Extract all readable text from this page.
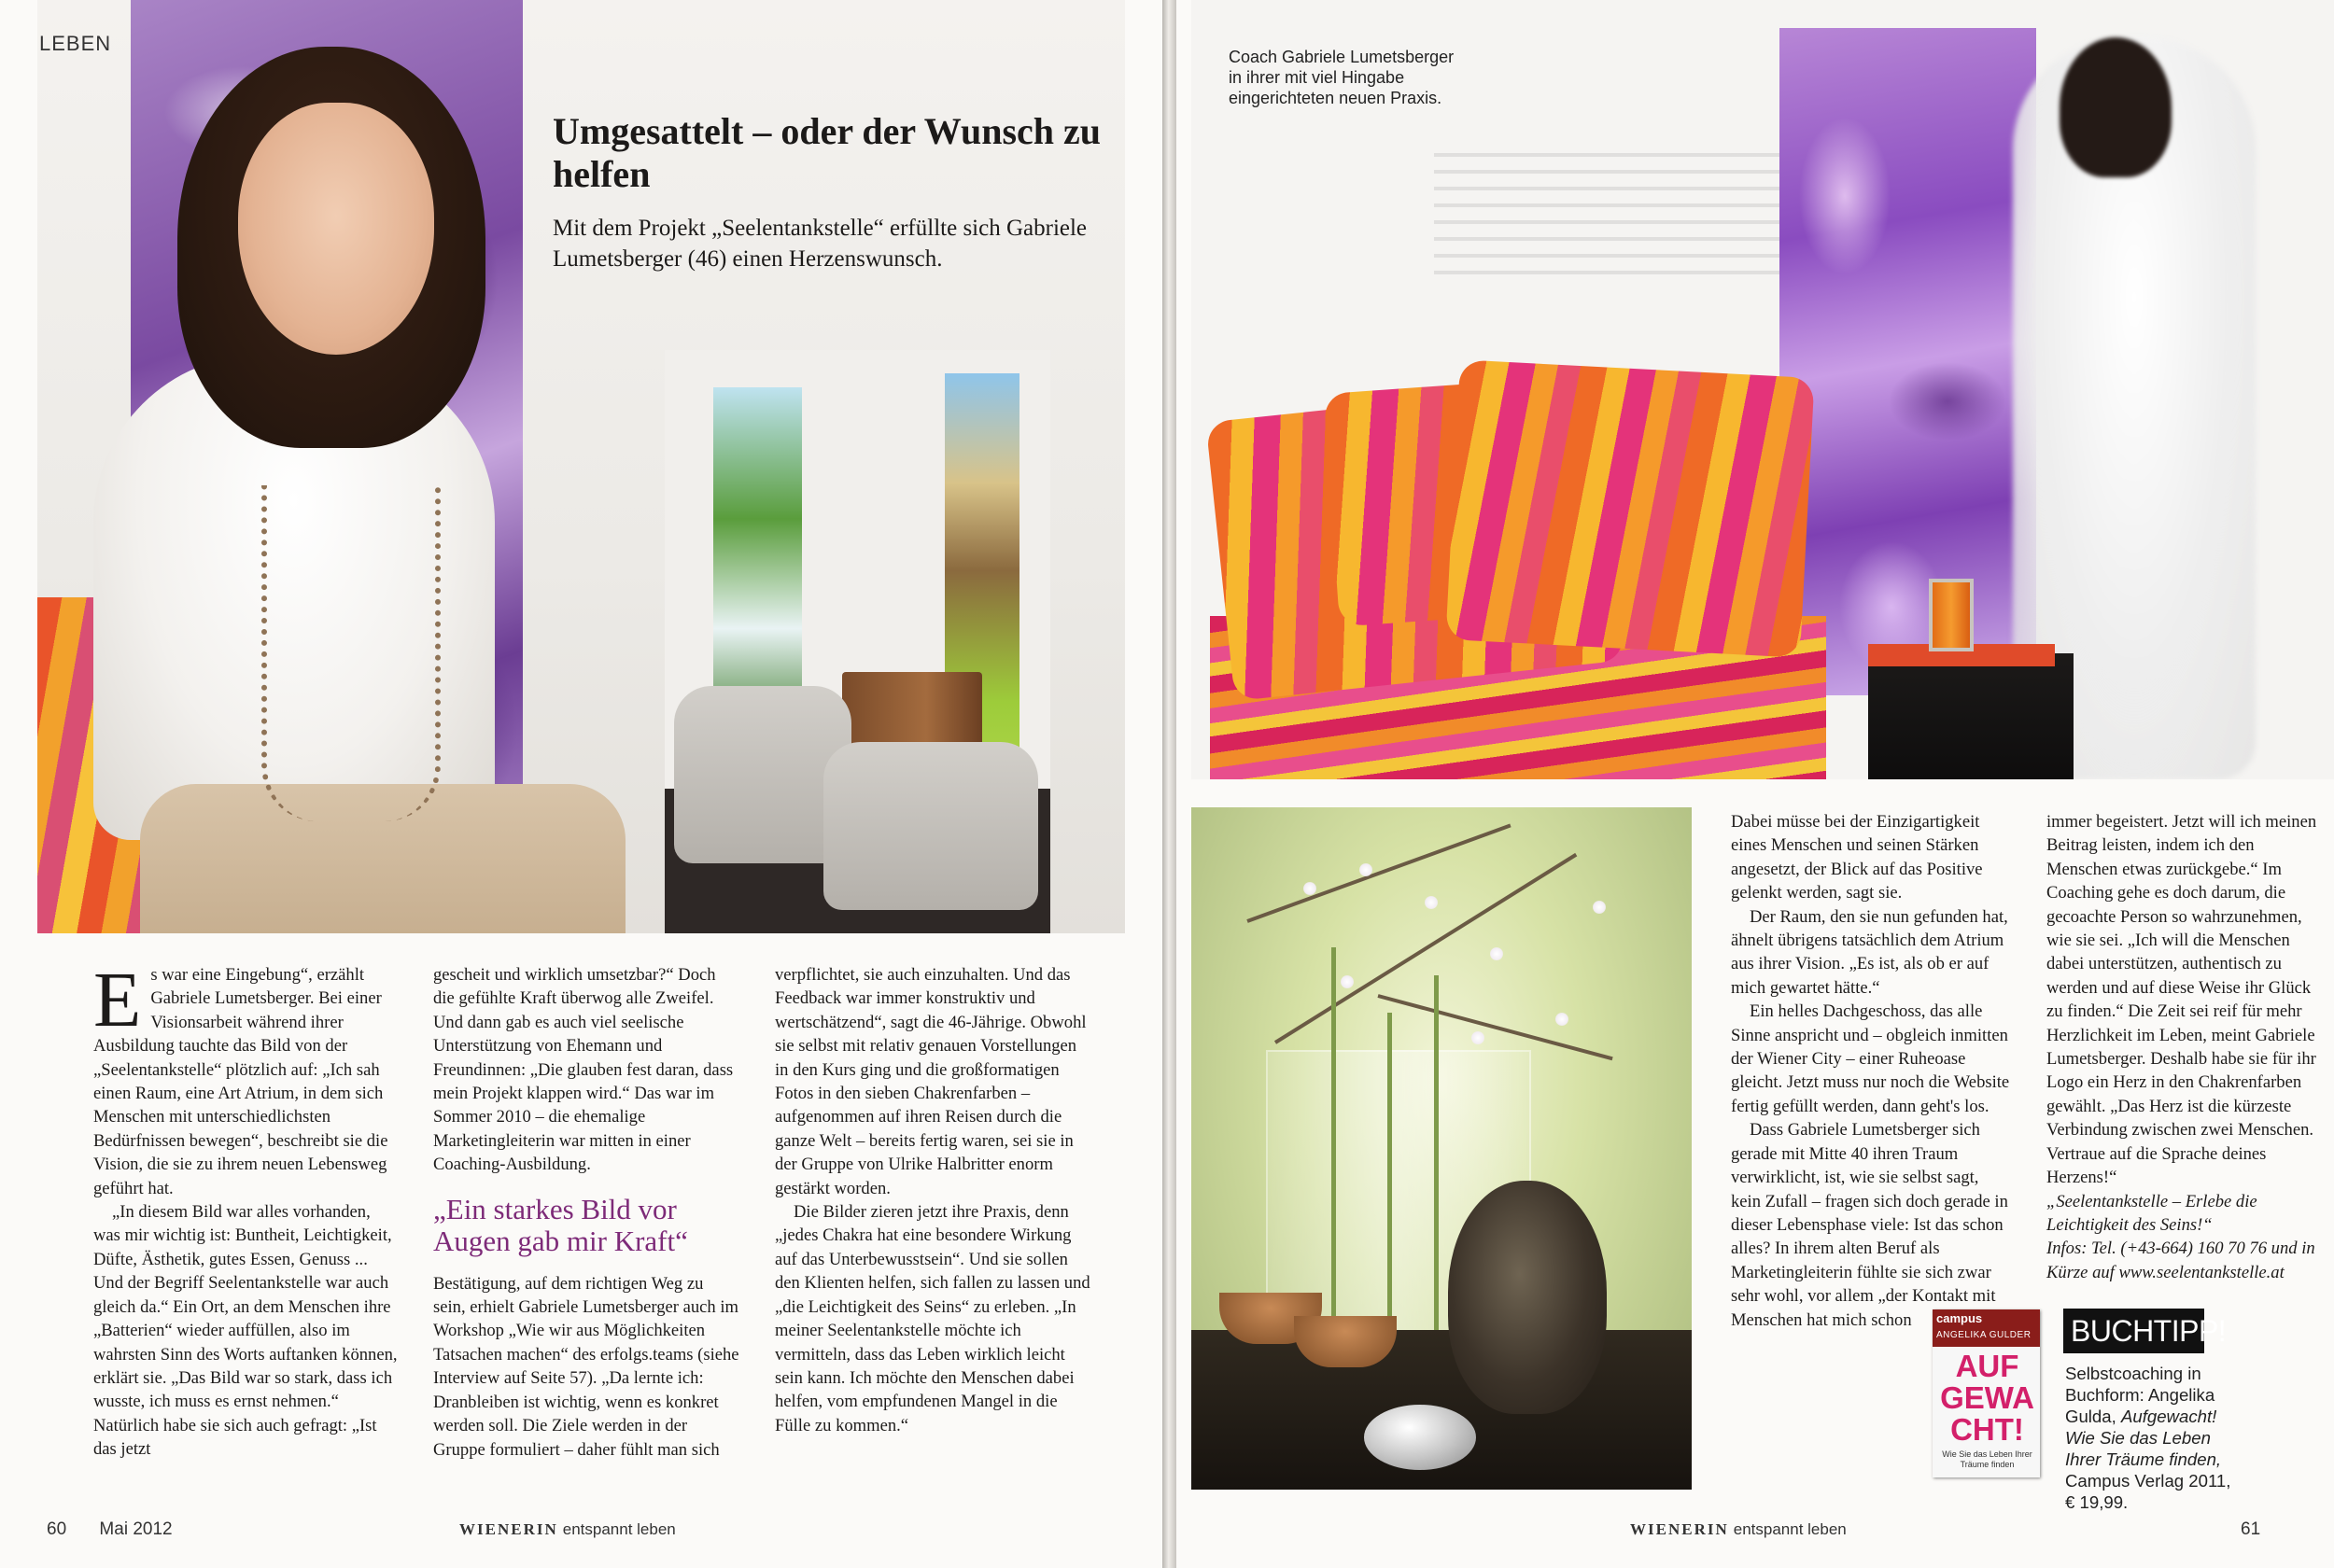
LEBEN
Umgesattelt – oder der Wunsch zu helfen

Mit dem Projekt „Seelentankstelle“ erfüllte sich Gabriele Lumetsberger (46) einen Herzenswunsch.

Es war eine Eingebung“, erzählt Gabriele Lumetsberger. Bei einer Visionsarbeit während ihrer Ausbildung tauchte das Bild von der „Seelentankstelle“ plötzlich auf: „Ich sah einen Raum, eine Art Atrium, in dem sich Menschen mit unterschiedlichsten Bedürfnissen bewegen“, beschreibt sie die Vision, die sie zu ihrem neuen Lebensweg geführt hat.

„In diesem Bild war alles vorhanden, was mir wichtig ist: Buntheit, Leichtigkeit, Düfte, Ästhetik, gutes Essen, Genuss ... Und der Begriff Seelentankstelle war auch gleich da.“ Ein Ort, an dem Menschen ihre „Batterien“ wieder auffüllen, also im wahrsten Sinn des Worts auftanken können, erklärt sie. „Das Bild war so stark, dass ich wusste, ich muss es ernst nehmen.“ Natürlich habe sie sich auch gefragt: „Ist das jetzt

gescheit und wirklich umsetzbar?“ Doch die gefühlte Kraft überwog alle Zweifel. Und dann gab es auch viel seelische Unterstützung von Ehemann und Freundinnen: „Die glauben fest daran, dass mein Projekt klappen wird.“ Das war im Sommer 2010 – die ehemalige Marketingleiterin war mitten in einer Coaching-Ausbildung.

„Ein starkes Bild vor Augen gab mir Kraft“

Bestätigung, auf dem richtigen Weg zu sein, erhielt Gabriele Lumetsberger auch im Workshop „Wie wir aus Möglichkeiten Tatsachen machen“ des erfolgs.teams (siehe Interview auf Seite 57). „Da lernte ich: Dranbleiben ist wichtig, wenn es konkret werden soll. Die Ziele werden in der Gruppe formuliert – daher fühlt man sich

verpflichtet, sie auch einzuhalten. Und das Feedback war immer konstruktiv und wertschätzend“, sagt die 46-Jährige. Obwohl sie selbst mit relativ genauen Vorstellungen in den Kurs ging und die großformatigen Fotos in den sieben Chakrenfarben – aufgenommen auf ihren Reisen durch die ganze Welt – bereits fertig waren, sei sie in der Gruppe von Ulrike Halbritter enorm gestärkt worden.

Die Bilder zieren jetzt ihre Praxis, denn „jedes Chakra hat eine besondere Wirkung auf das Unterbewusstsein“. Und sie sollen den Klienten helfen, sich fallen zu lassen und „die Leichtigkeit des Seins“ zu erleben. „In meiner Seelentankstelle möchte ich vermitteln, dass das Leben wirklich leicht sein kann. Ich möchte den Menschen dabei helfen, vom empfundenen Mangel in die Fülle zu kommen.“

60 Mai 2012	WIENERIN entspannt leben

Coach Gabriele Lumetsberger
in ihrer mit viel Hingabe
eingerichteten neuen Praxis.

Dabei müsse bei der Einzigartigkeit eines Menschen und seinen Stärken angesetzt, der Blick auf das Positive gelenkt werden, sagt sie.

Der Raum, den sie nun gefunden hat, ähnelt übrigens tatsächlich dem Atrium aus ihrer Vision. „Es ist, als ob er auf mich gewartet hätte.“

Ein helles Dachgeschoss, das alle Sinne anspricht und – obgleich inmitten der Wiener City – einer Ruheoase gleicht. Jetzt muss nur noch die Website fertig gefüllt werden, dann geht's los.

Dass Gabriele Lumetsberger sich gerade mit Mitte 40 ihren Traum verwirklicht, ist, wie sie selbst sagt, kein Zufall – fragen sich doch gerade in dieser Lebensphase viele: Ist das schon alles? In ihrem alten Beruf als Marketingleiterin fühlte sie sich zwar sehr wohl, vor allem „der Kontakt mit Menschen hat mich schon

immer begeistert. Jetzt will ich meinen Beitrag leisten, indem ich den Menschen etwas zurückgebe.“ Im Coaching gehe es doch darum, die gecoachte Person so wahrzunehmen, wie sie sei. „Ich will die Menschen dabei unterstützen, authentisch zu werden und auf diese Weise ihr Glück zu finden.“ Die Zeit sei reif für mehr Herzlichkeit im Leben, meint Gabriele Lumetsberger. Deshalb habe sie für ihr Logo ein Herz in den Chakrenfarben gewählt. „Das Herz ist die kürzeste Verbindung zwischen zwei Menschen. Vertraue auf die Sprache deines Herzens!“

„Seelentankstelle – Erlebe die Leichtigkeit des Seins!“

Infos: Tel. (+43-664) 160 70 76 und in Kürze auf www.seelentankstelle.at

campus
ANGELIKA GULDER
AUF GEWA CHT!
Wie Sie das Leben Ihrer Träume finden
BUCHTIPP!

Selbstcoaching in Buchform: Angelika Gulda, Aufgewacht! Wie Sie das Leben Ihrer Träume finden, Campus Verlag 2011, € 19,99.

WIENERIN entspannt leben	61
